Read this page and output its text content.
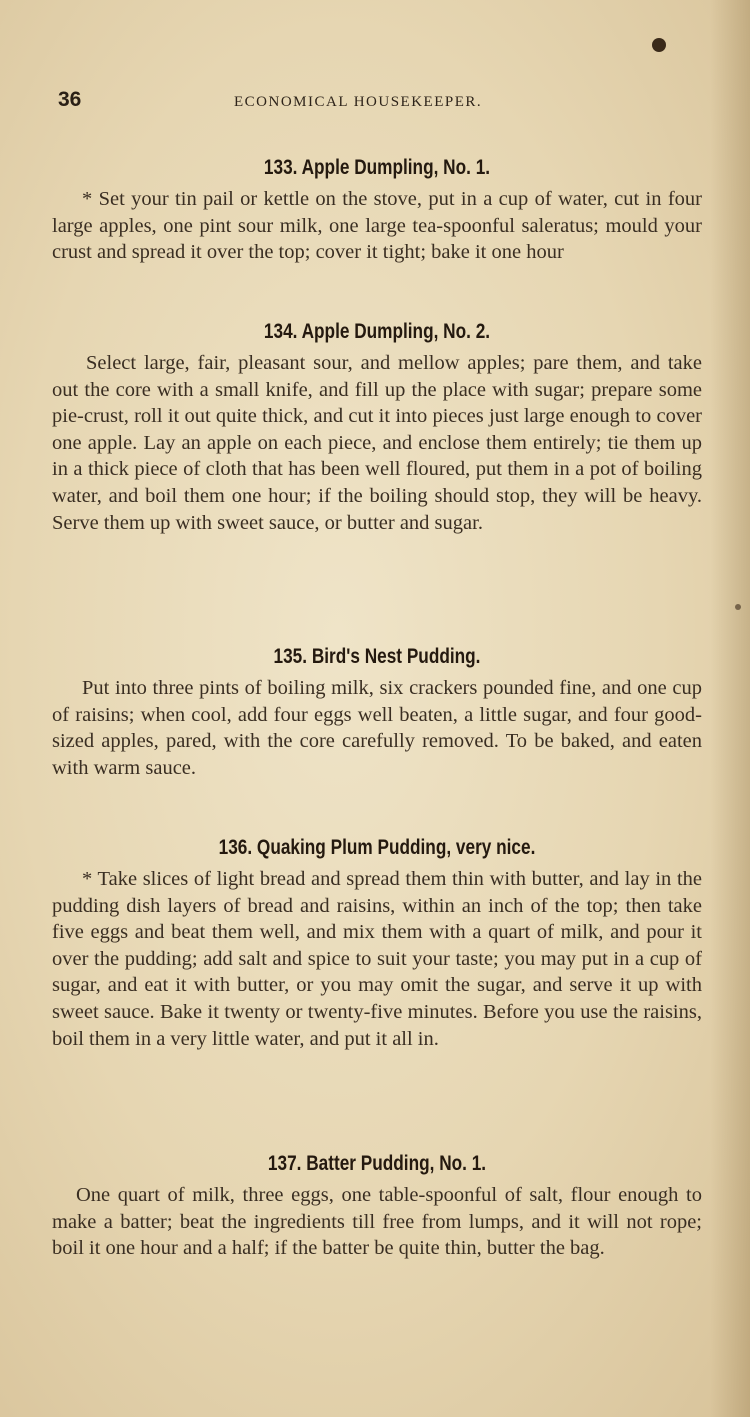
36	ECONOMICAL HOUSEKEEPER.
133. Apple Dumpling, No. 1.

* Set your tin pail or kettle on the stove, put in a cup of water, cut in four large apples, one pint sour milk, one large tea-spoonful saleratus; mould your crust and spread it over the top; cover it tight; bake it one hour

134. Apple Dumpling, No. 2.

Select large, fair, pleasant sour, and mellow apples; pare them, and take out the core with a small knife, and fill up the place with sugar; prepare some pie-crust, roll it out quite thick, and cut it into pieces just large enough to cover one apple. Lay an apple on each piece, and enclose them entirely; tie them up in a thick piece of cloth that has been well floured, put them in a pot of boiling water, and boil them one hour; if the boiling should stop, they will be heavy. Serve them up with sweet sauce, or butter and sugar.

135. Bird's Nest Pudding.

Put into three pints of boiling milk, six crackers pounded fine, and one cup of raisins; when cool, add four eggs well beaten, a little sugar, and four good-sized apples, pared, with the core carefully removed. To be baked, and eaten with warm sauce.

136. Quaking Plum Pudding, very nice.

* Take slices of light bread and spread them thin with butter, and lay in the pudding dish layers of bread and raisins, within an inch of the top; then take five eggs and beat them well, and mix them with a quart of milk, and pour it over the pudding; add salt and spice to suit your taste; you may put in a cup of sugar, and eat it with butter, or you may omit the sugar, and serve it up with sweet sauce. Bake it twenty or twenty-five minutes. Before you use the raisins, boil them in a very little water, and put it all in.

137. Batter Pudding, No. 1.

One quart of milk, three eggs, one table-spoonful of salt, flour enough to make a batter; beat the ingredients till free from lumps, and it will not rope; boil it one hour and a half; if the batter be quite thin, butter the bag.
